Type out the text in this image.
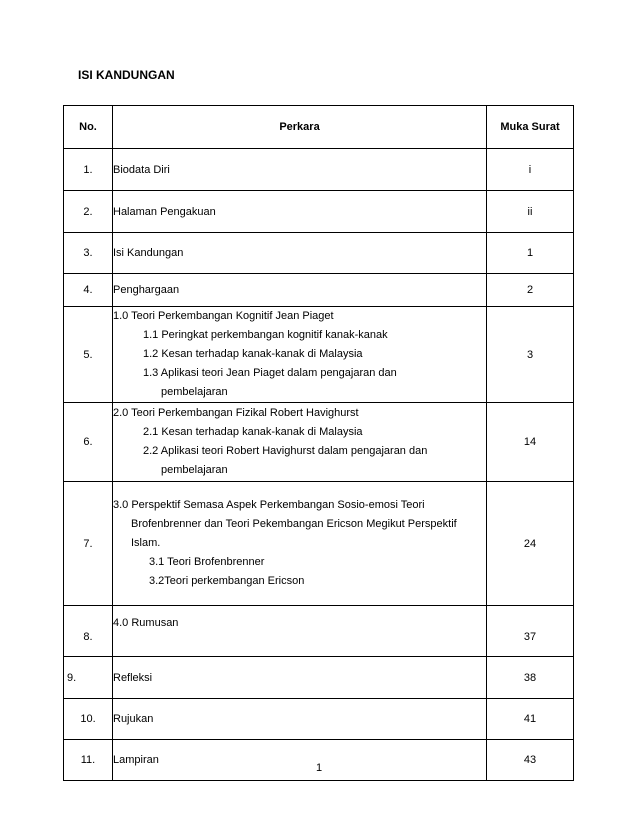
ISI KANDUNGAN
No.	Perkara	Muka Surat
1.	Biodata Diri	i
2.	Halaman Pengakuan	ii
3.	Isi Kandungan	1
4.	Penghargaan	2
5.	1.0 Teori Perkembangan Kognitif Jean Piaget
1.1 Peringkat perkembangan kognitif kanak-kanak
1.2 Kesan terhadap kanak-kanak di Malaysia
1.3 Aplikasi teori Jean Piaget dalam pengajaran dan
pembelajaran	3
6.	2.0 Teori Perkembangan Fizikal Robert Havighurst
2.1 Kesan terhadap kanak-kanak di Malaysia
2.2 Aplikasi teori Robert Havighurst dalam pengajaran dan
pembelajaran	14
7.	3.0 Perspektif Semasa Aspek Perkembangan Sosio-emosi Teori
Brofenbrenner dan Teori Pekembangan Ericson Megikut Perspektif
Islam.
3.1 Teori Brofenbrenner
3.2Teori perkembangan Ericson	24
8.	4.0 Rumusan	37
9.	Refleksi	38
10.	Rujukan	41
11.	Lampiran	43
1
